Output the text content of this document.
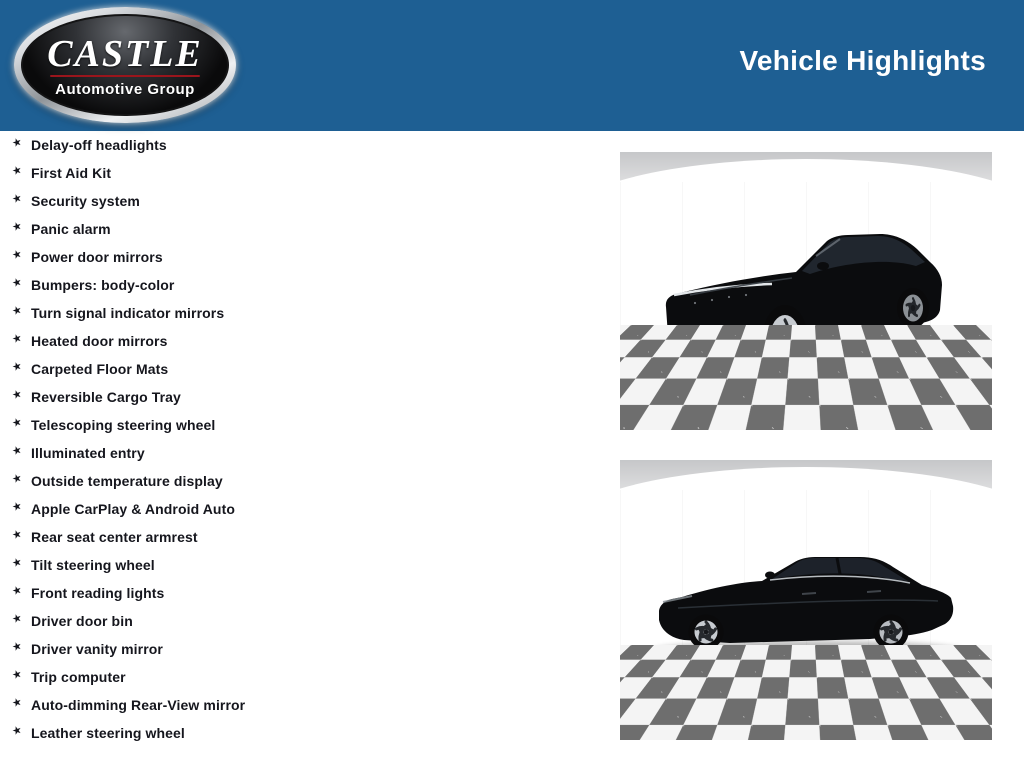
CASTLE
Automotive Group
Vehicle Highlights
★ Delay-off headlights
★ First Aid Kit
★ Security system
★ Panic alarm
★ Power door mirrors
★ Bumpers: body-color
★ Turn signal indicator mirrors
★ Heated door mirrors
★ Carpeted Floor Mats
★ Reversible Cargo Tray
★ Telescoping steering wheel
★ Illuminated entry
★ Outside temperature display
★ Apple CarPlay & Android Auto
★ Rear seat center armrest
★ Tilt steering wheel
★ Front reading lights
★ Driver door bin
★ Driver vanity mirror
★ Trip computer
★ Auto-dimming Rear-View mirror
★ Leather steering wheel
